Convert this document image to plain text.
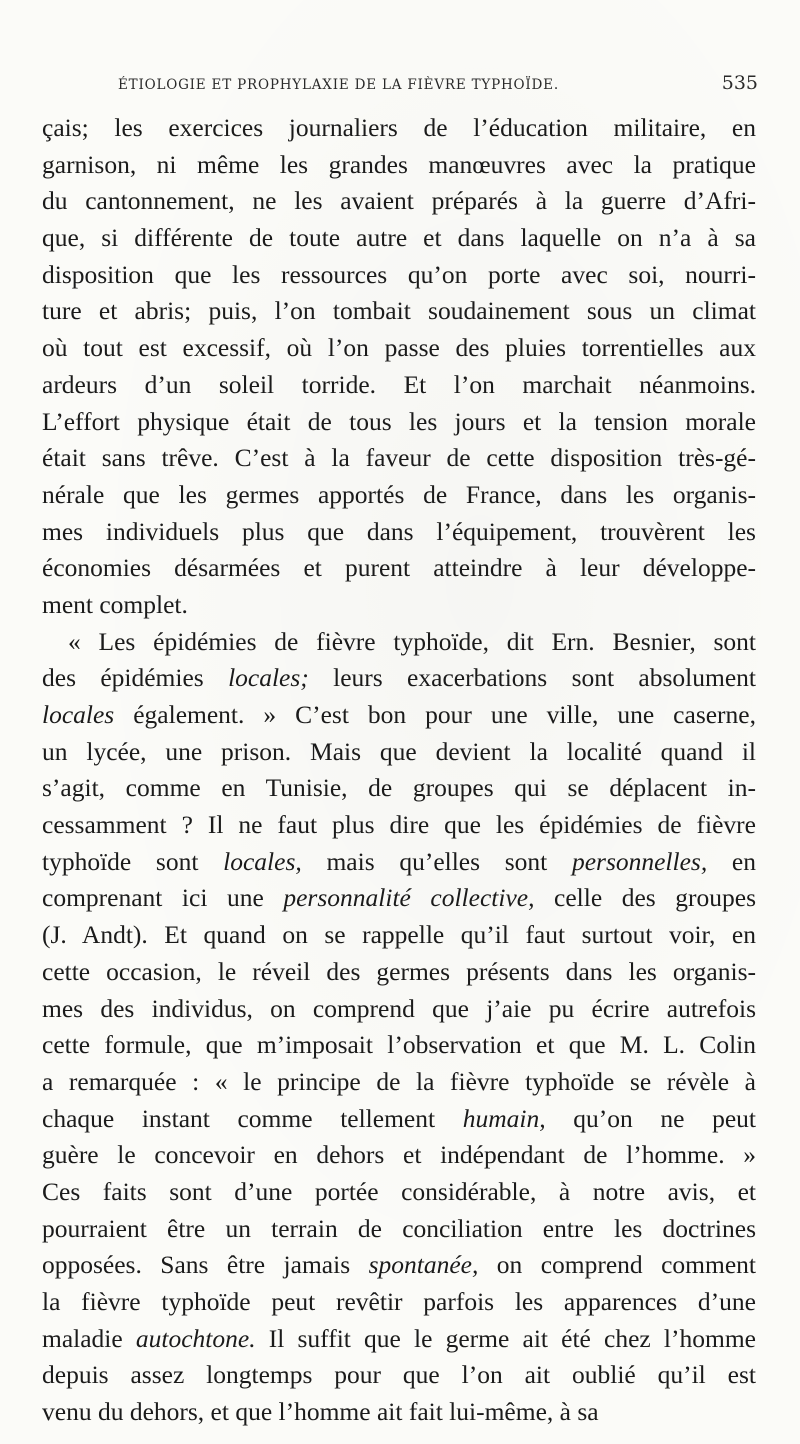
ÉTIOLOGIE ET PROPHYLAXIE DE LA FIÈVRE TYPHOÏDE.	535
çais; les exercices journaliers de l’éducation militaire, en
garnison, ni même les grandes manœuvres avec la pratique
du cantonnement, ne les avaient préparés à la guerre d’Afri-
que, si différente de toute autre et dans laquelle on n’a à sa
disposition que les ressources qu’on porte avec soi, nourri-
ture et abris; puis, l’on tombait soudainement sous un climat
où tout est excessif, où l’on passe des pluies torrentielles aux
ardeurs d’un soleil torride. Et l’on marchait néanmoins.
L’effort physique était de tous les jours et la tension morale
était sans trêve. C’est à la faveur de cette disposition très-gé-
nérale que les germes apportés de France, dans les organis-
mes individuels plus que dans l’équipement, trouvèrent les
économies désarmées et purent atteindre à leur développe-
ment complet.
« Les épidémies de fièvre typhoïde, dit Ern. Besnier, sont
des épidémies locales; leurs exacerbations sont absolument
locales également. » C’est bon pour une ville, une caserne,
un lycée, une prison. Mais que devient la localité quand il
s’agit, comme en Tunisie, de groupes qui se déplacent in-
cessamment ? Il ne faut plus dire que les épidémies de fièvre
typhoïde sont locales, mais qu’elles sont personnelles, en
comprenant ici une personnalité collective, celle des groupes
(J. Andt). Et quand on se rappelle qu’il faut surtout voir, en
cette occasion, le réveil des germes présents dans les organis-
mes des individus, on comprend que j’aie pu écrire autrefois
cette formule, que m’imposait l’observation et que M. L. Colin
a remarquée : « le principe de la fièvre typhoïde se révèle à
chaque instant comme tellement humain, qu’on ne peut
guère le concevoir en dehors et indépendant de l’homme. »
Ces faits sont d’une portée considérable, à notre avis, et
pourraient être un terrain de conciliation entre les doctrines
opposées. Sans être jamais spontanée, on comprend comment
la fièvre typhoïde peut revêtir parfois les apparences d’une
maladie autochtone. Il suffit que le germe ait été chez l’homme
depuis assez longtemps pour que l’on ait oublié qu’il est
venu du dehors, et que l’homme ait fait lui-même, à sa
